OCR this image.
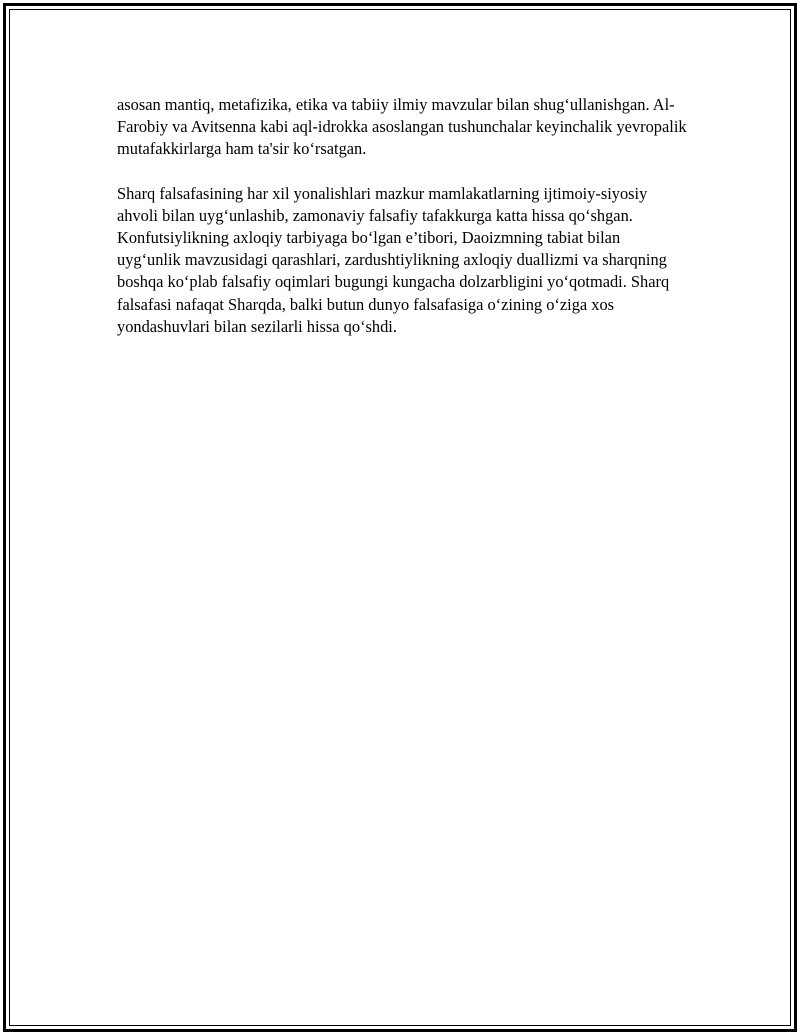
asosan mantiq, metafizika, etika va tabiiy ilmiy mavzular bilan shug‘ullanishgan. Al-Farobiy va Avitsenna kabi aql-idrokka asoslangan tushunchalar keyinchalik yevropalik mutafakkirlarga ham ta'sir ko‘rsatgan.

Sharq falsafasining har xil yonalishlari mazkur mamlakatlarning ijtimoiy-siyosiy ahvoli bilan uyg‘unlashib, zamonaviy falsafiy tafakkurga katta hissa qo‘shgan. Konfutsiylikning axloqiy tarbiyaga bo‘lgan e’tibori, Daoizmning tabiat bilan uyg‘unlik mavzusidagi qarashlari, zardushtiylikning axloqiy duallizmi va sharqning boshqa ko‘plab falsafiy oqimlari bugungi kungacha dolzarbligini yo‘qotmadi. Sharq falsafasi nafaqat Sharqda, balki butun dunyo falsafasiga o‘zining o‘ziga xos yondashuvlari bilan sezilarli hissa qo‘shdi.
